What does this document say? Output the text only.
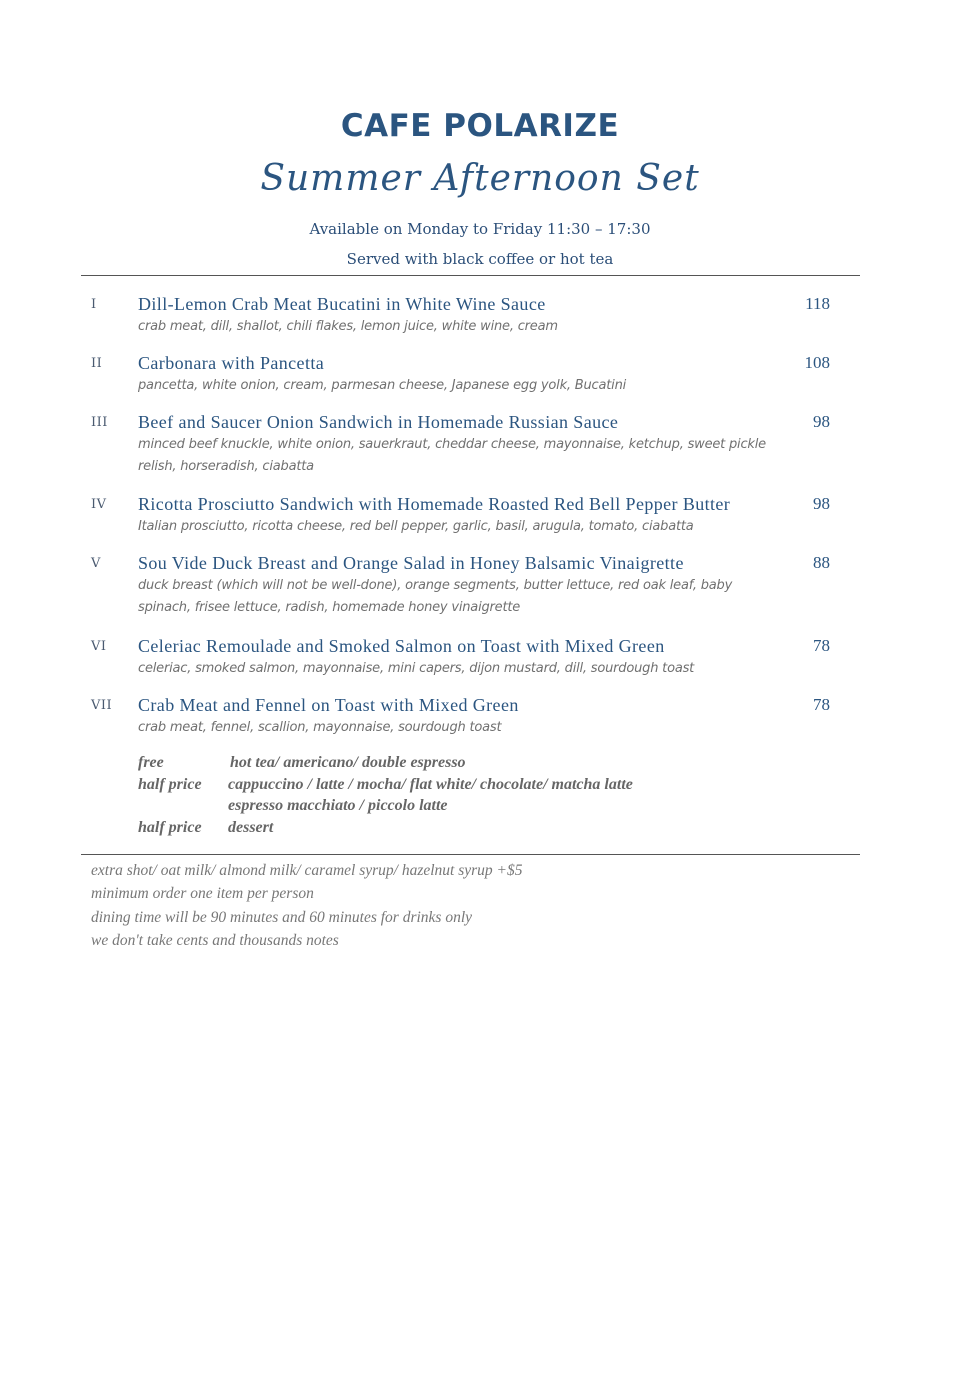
CAFE POLARIZE
Summer Afternoon Set
Available on Monday to Friday 11:30 – 17:30
Served with black coffee or hot tea
I Dill-Lemon Crab Meat Bucatini in White Wine Sauce	118
crab meat, dill, shallot, chili flakes, lemon juice, white wine, cream
II Carbonara with Pancetta	108
pancetta, white onion, cream, parmesan cheese, Japanese egg yolk, Bucatini
III Beef and Saucer Onion Sandwich in Homemade Russian Sauce	98
minced beef knuckle, white onion, sauerkraut, cheddar cheese, mayonnaise, ketchup, sweet pickle relish, horseradish, ciabatta
IV Ricotta Prosciutto Sandwich with Homemade Roasted Red Bell Pepper Butter	98
Italian prosciutto, ricotta cheese, red bell pepper, garlic, basil, arugula, tomato, ciabatta
V Sou Vide Duck Breast and Orange Salad in Honey Balsamic Vinaigrette	88
duck breast (which will not be well-done), orange segments, butter lettuce, red oak leaf, baby spinach, frisee lettuce, radish, homemade honey vinaigrette
VI Celeriac Remoulade and Smoked Salmon on Toast with Mixed Green	78
celeriac, smoked salmon, mayonnaise, mini capers, dijon mustard, dill, sourdough toast
VII Crab Meat and Fennel on Toast with Mixed Green	78
crab meat, fennel, scallion, mayonnaise, sourdough toast
free	hot tea/ americano/ double espresso
half price cappuccino / latte / mocha/ flat white/ chocolate/ matcha latte
espresso macchiato / piccolo latte
half price dessert
extra shot/ oat milk/ almond milk/ caramel syrup/ hazelnut syrup +$5
minimum order one item per person
dining time will be 90 minutes and 60 minutes for drinks only
we don't take cents and thousands notes
